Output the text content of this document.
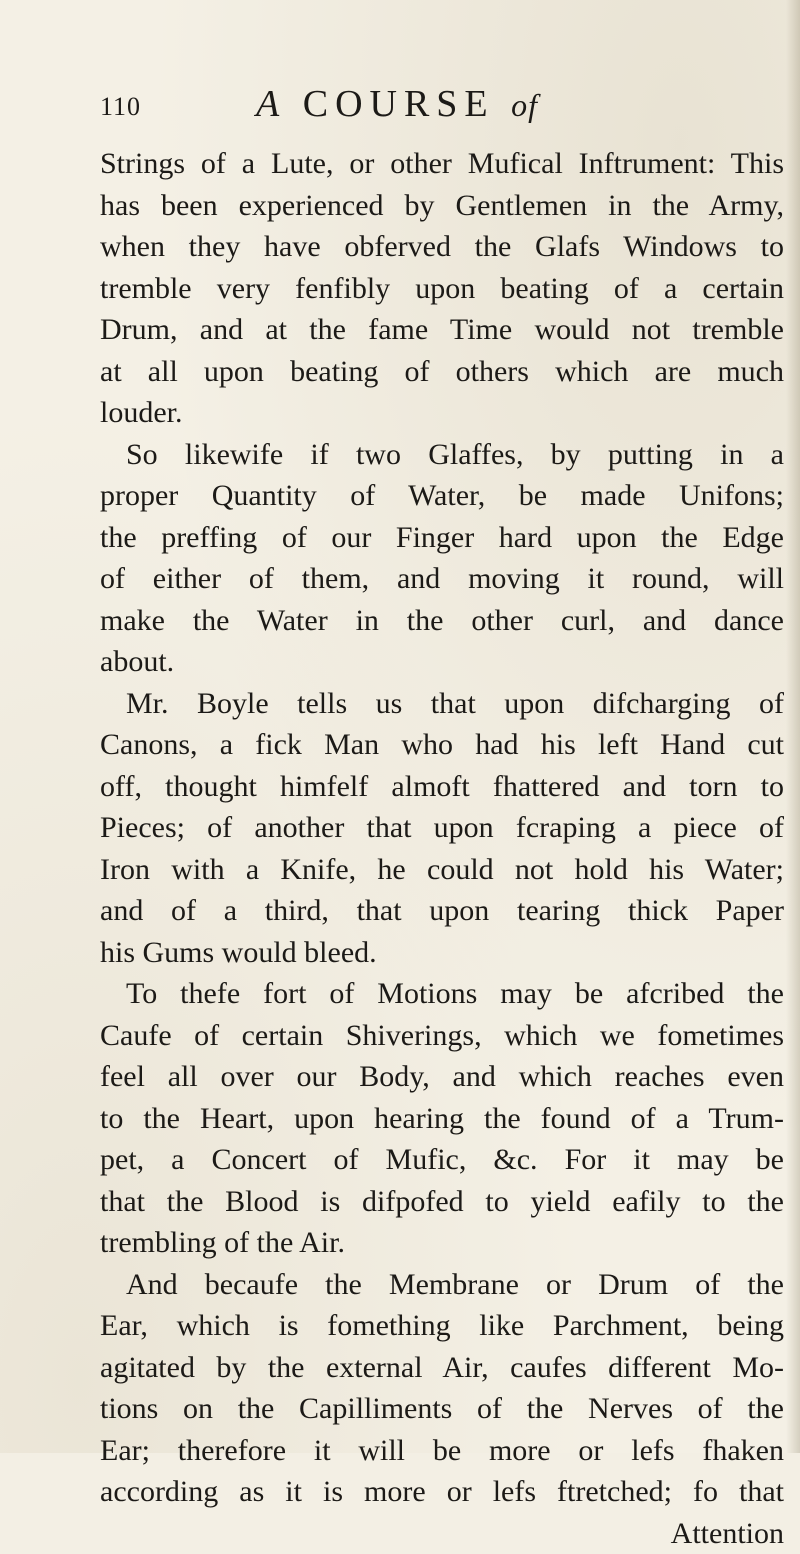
110	A COURSE of
Strings of a Lute, or other Mufical Inftrument: This
has been experienced by Gentlemen in the Army,
when they have obferved the Glafs Windows to
tremble very fenfibly upon beating of a certain
Drum, and at the fame Time would not tremble
at all upon beating of others which are much
louder.
So likewife if two Glaffes, by putting in a
proper Quantity of Water, be made Unifons;
the preffing of our Finger hard upon the Edge
of either of them, and moving it round, will
make the Water in the other curl, and dance
about.
Mr. Boyle tells us that upon difcharging of
Canons, a fick Man who had his left Hand cut
off, thought himfelf almoft fhattered and torn to
Pieces; of another that upon fcraping a piece of
Iron with a Knife, he could not hold his Water;
and of a third, that upon tearing thick Paper
his Gums would bleed.
To thefe fort of Motions may be afcribed the
Caufe of certain Shiverings, which we fometimes
feel all over our Body, and which reaches even
to the Heart, upon hearing the found of a Trum-
pet, a Concert of Mufic, &c. For it may be
that the Blood is difpofed to yield eafily to the
trembling of the Air.
And becaufe the Membrane or Drum of the
Ear, which is fomething like Parchment, being
agitated by the external Air, caufes different Mo-
tions on the Capilliments of the Nerves of the
Ear; therefore it will be more or lefs fhaken
according as it is more or lefs ftretched; fo that
Attention
